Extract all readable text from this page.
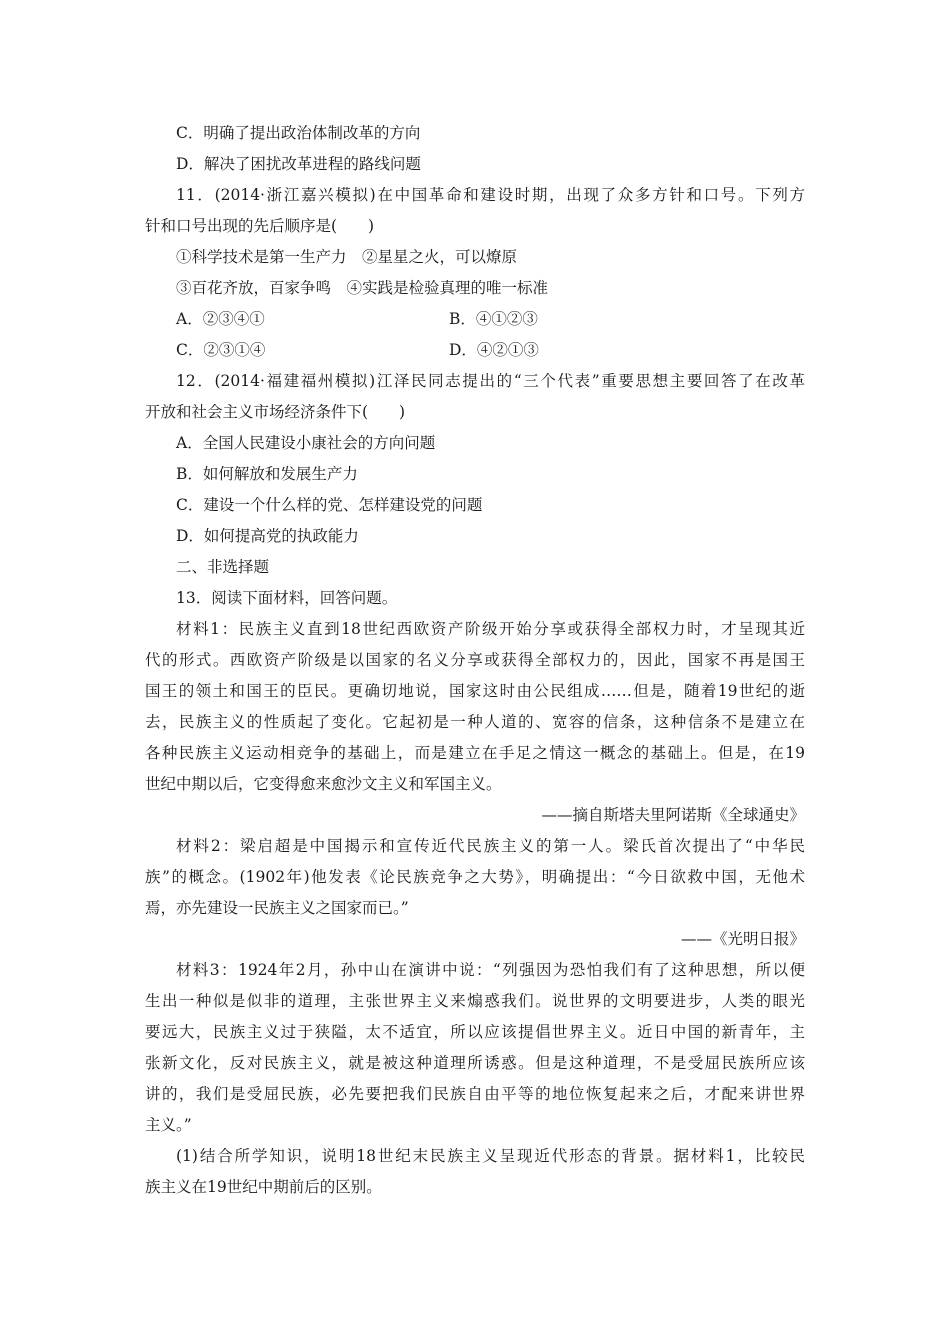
C．明确了提出政治体制改革的方向
D．解决了困扰改革进程的路线问题
11．(2014·浙江嘉兴模拟)在中国革命和建设时期，出现了众多方针和口号。下列方
针和口号出现的先后顺序是(　　)
①科学技术是第一生产力　②星星之火，可以燎原
③百花齐放，百家争鸣　④实践是检验真理的唯一标准
A．②③④①	B．④①②③
C．②③①④	D．④②①③
12．(2014·福建福州模拟)江泽民同志提出的“三个代表”重要思想主要回答了在改革
开放和社会主义市场经济条件下(　　)
A．全国人民建设小康社会的方向问题
B．如何解放和发展生产力
C．建设一个什么样的党、怎样建设党的问题
D．如何提高党的执政能力
二、非选择题
13．阅读下面材料，回答问题。
材料1：民族主义直到18世纪西欧资产阶级开始分享或获得全部权力时，才呈现其近
代的形式。西欧资产阶级是以国家的名义分享或获得全部权力的，因此，国家不再是国王
国王的领土和国王的臣民。更确切地说，国家这时由公民组成……但是，随着19世纪的逝
去，民族主义的性质起了变化。它起初是一种人道的、宽容的信条，这种信条不是建立在
各种民族主义运动相竞争的基础上，而是建立在手足之情这一概念的基础上。但是，在19
世纪中期以后，它变得愈来愈沙文主义和军国主义。
——摘自斯塔夫里阿诺斯《全球通史》
材料2：梁启超是中国揭示和宣传近代民族主义的第一人。梁氏首次提出了“中华民
族”的概念。(1902年)他发表《论民族竞争之大势》，明确提出：“今日欲救中国，无他术
焉，亦先建设一民族主义之国家而已。”
——《光明日报》
材料3：1924年2月，孙中山在演讲中说：“列强因为恐怕我们有了这种思想，所以便
生出一种似是似非的道理，主张世界主义来煽惑我们。说世界的文明要进步，人类的眼光
要远大，民族主义过于狭隘，太不适宜，所以应该提倡世界主义。近日中国的新青年，主
张新文化，反对民族主义，就是被这种道理所诱惑。但是这种道理，不是受屈民族所应该
讲的，我们是受屈民族，必先要把我们民族自由平等的地位恢复起来之后，才配来讲世界
主义。”
(1)结合所学知识，说明18世纪末民族主义呈现近代形态的背景。据材料1，比较民
族主义在19世纪中期前后的区别。
